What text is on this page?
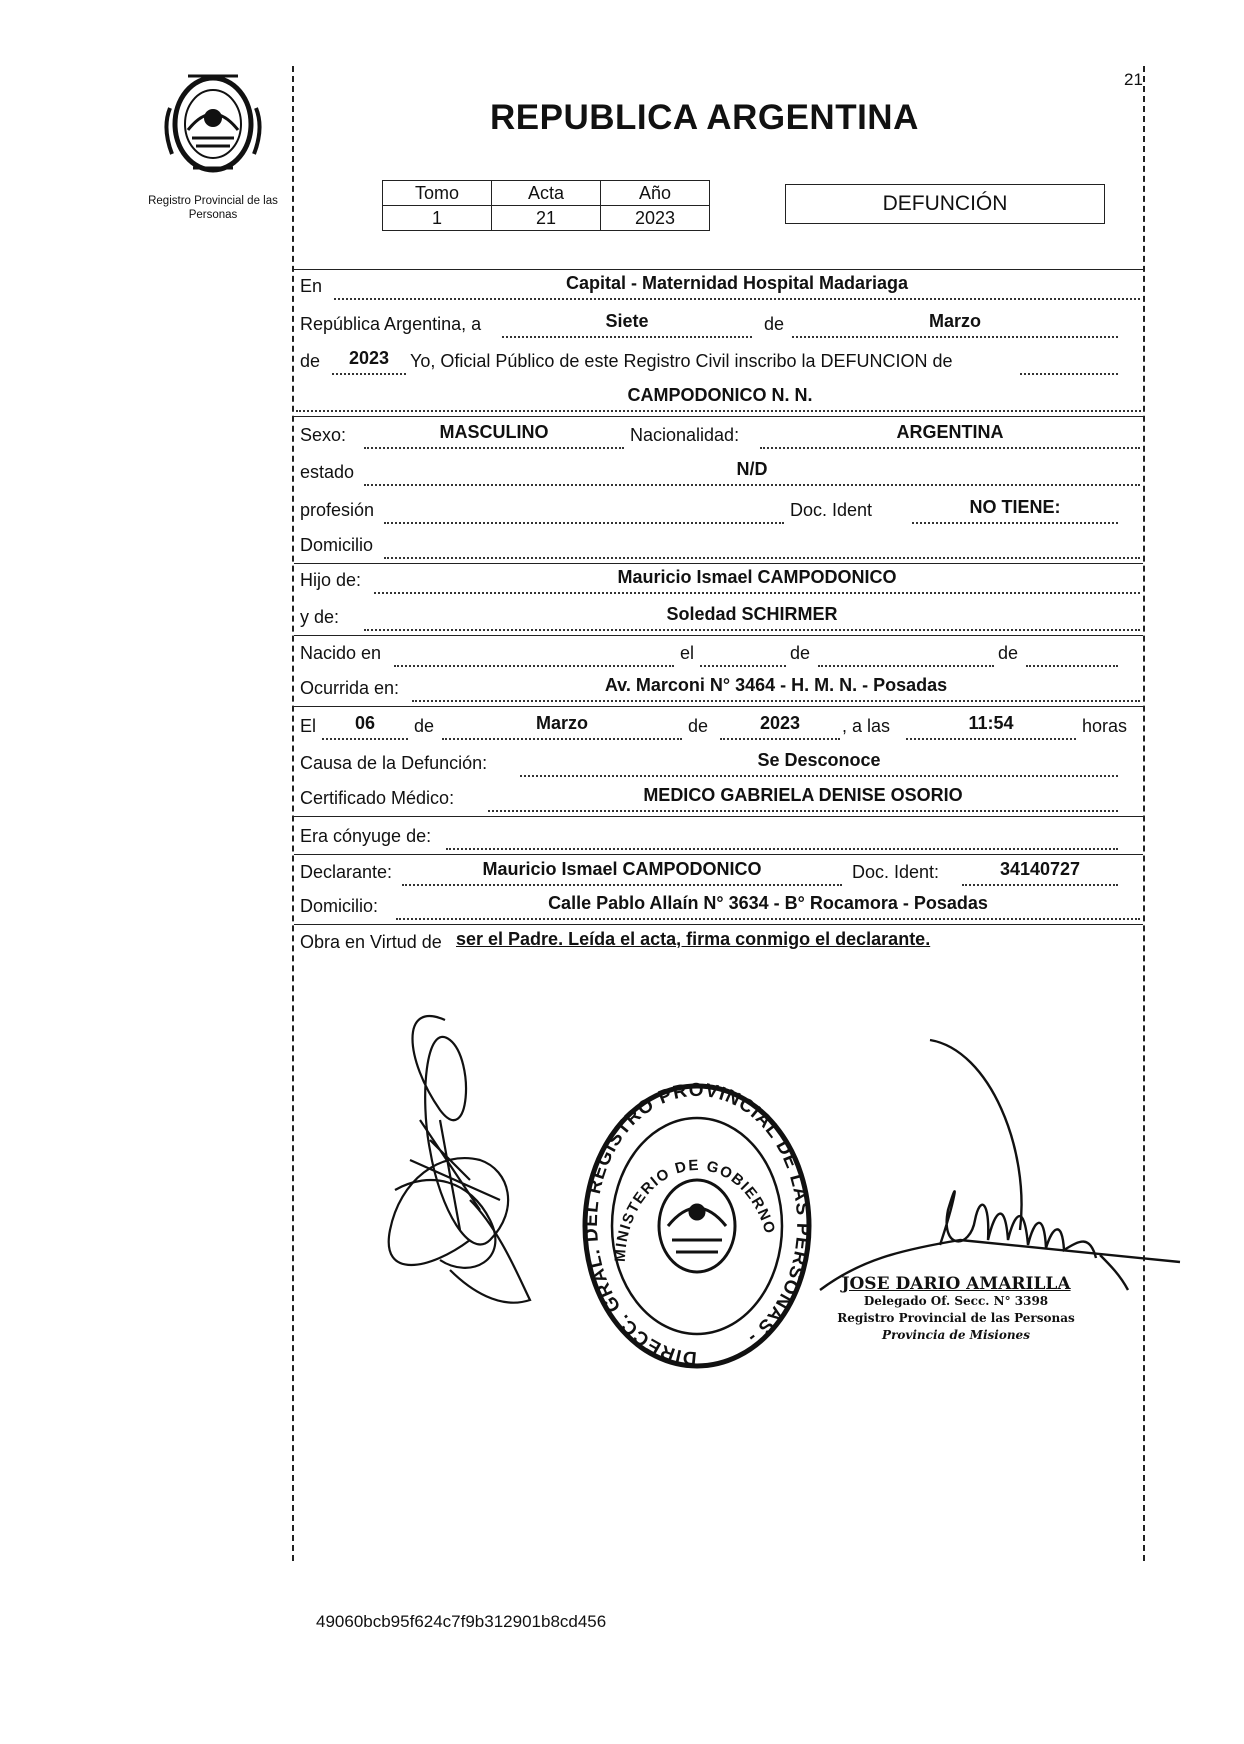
21
Registro Provincial de las Personas
REPUBLICA ARGENTINA
Tomo	Acta	Año
1	21	2023
DEFUNCIÓN
En	Capital - Maternidad Hospital Madariaga
República Argentina, a	Siete	de	Marzo
de	2023	Yo, Oficial Público de este Registro Civil inscribo la DEFUNCION de
CAMPODONICO N. N.
Sexo:	MASCULINO	Nacionalidad:	ARGENTINA
estado	N/D
profesión	Doc. Ident	NO TIENE:
Domicilio
Hijo de:	Mauricio Ismael CAMPODONICO
y de:	Soledad SCHIRMER
Nacido en	el	de	de
Ocurrida en:	Av. Marconi N° 3464 - H. M. N. - Posadas
El	06	de	Marzo	de	2023	, a las	11:54	horas
Causa de la Defunción:	Se Desconoce
Certificado Médico:	MEDICO GABRIELA DENISE OSORIO
Era cónyuge de:
Declarante:	Mauricio Ismael CAMPODONICO	Doc. Ident:	34140727
Domicilio:	Calle Pablo Allaín N° 3634 - B° Rocamora - Posadas
Obra en Virtud de ser el Padre. Leída el acta, firma conmigo el declarante.
DIRECC. GRAL. DEL REGISTRO PROVINCIAL DE LAS PERSONAS -
MINISTERIO DE GOBIERNO
JOSE DARIO AMARILLA
Delegado Of. Secc. N° 3398
Registro Provincial de las Personas
Provincia de Misiones
49060bcb95f624c7f9b312901b8cd456
